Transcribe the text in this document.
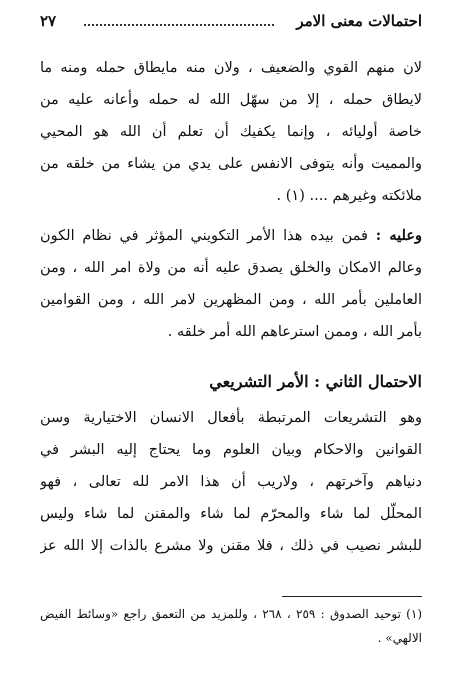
احتمالات معنى الامر
٢٧
لان منهم القوي والضعيف ، ولان منه مايطاق حمله ومنه ما
لايطاق حمله ، إلا من سهّل الله له حمله وأعانه عليه من
خاصة أوليائه ، وإنما يكفيك أن تعلم أن الله هو المحيي
والمميت وأنه يتوفى الانفس على يدي من يشاء من خلقه من
ملائكته وغيرهم .... (١) .
وعليه : فمن بيده هذا الأمر التكويني المؤثر في نظام الكون
وعالم الامكان والخلق يصدق عليه أنه من ولاة امر الله ، ومن
العاملين بأمر الله ، ومن المظهرين لامر الله ، ومن القوامين
بأمر الله ، وممن استرعاهم الله أمر خلقه .
الاحتمال الثاني : الأمر التشريعي
وهو التشريعات المرتبطة بأفعال الانسان الاختيارية وسن
القوانين والاحكام وبيان العلوم وما يحتاج إليه البشر في
دنياهم وآخرتهم ، ولاريب أن هذا الامر لله تعالى ، فهو
المحلّل لما شاء والمحرّم لما شاء والمقنن لما شاء وليس
للبشر نصيب في ذلك ، فلا مقنن ولا مشرع بالذات إلا الله عز
(١) توحيد الصدوق : ٢٥٩ ، ٢٦٨ ، وللمزيد من التعمق راجع «وسائط الفيض
الالهي» .
